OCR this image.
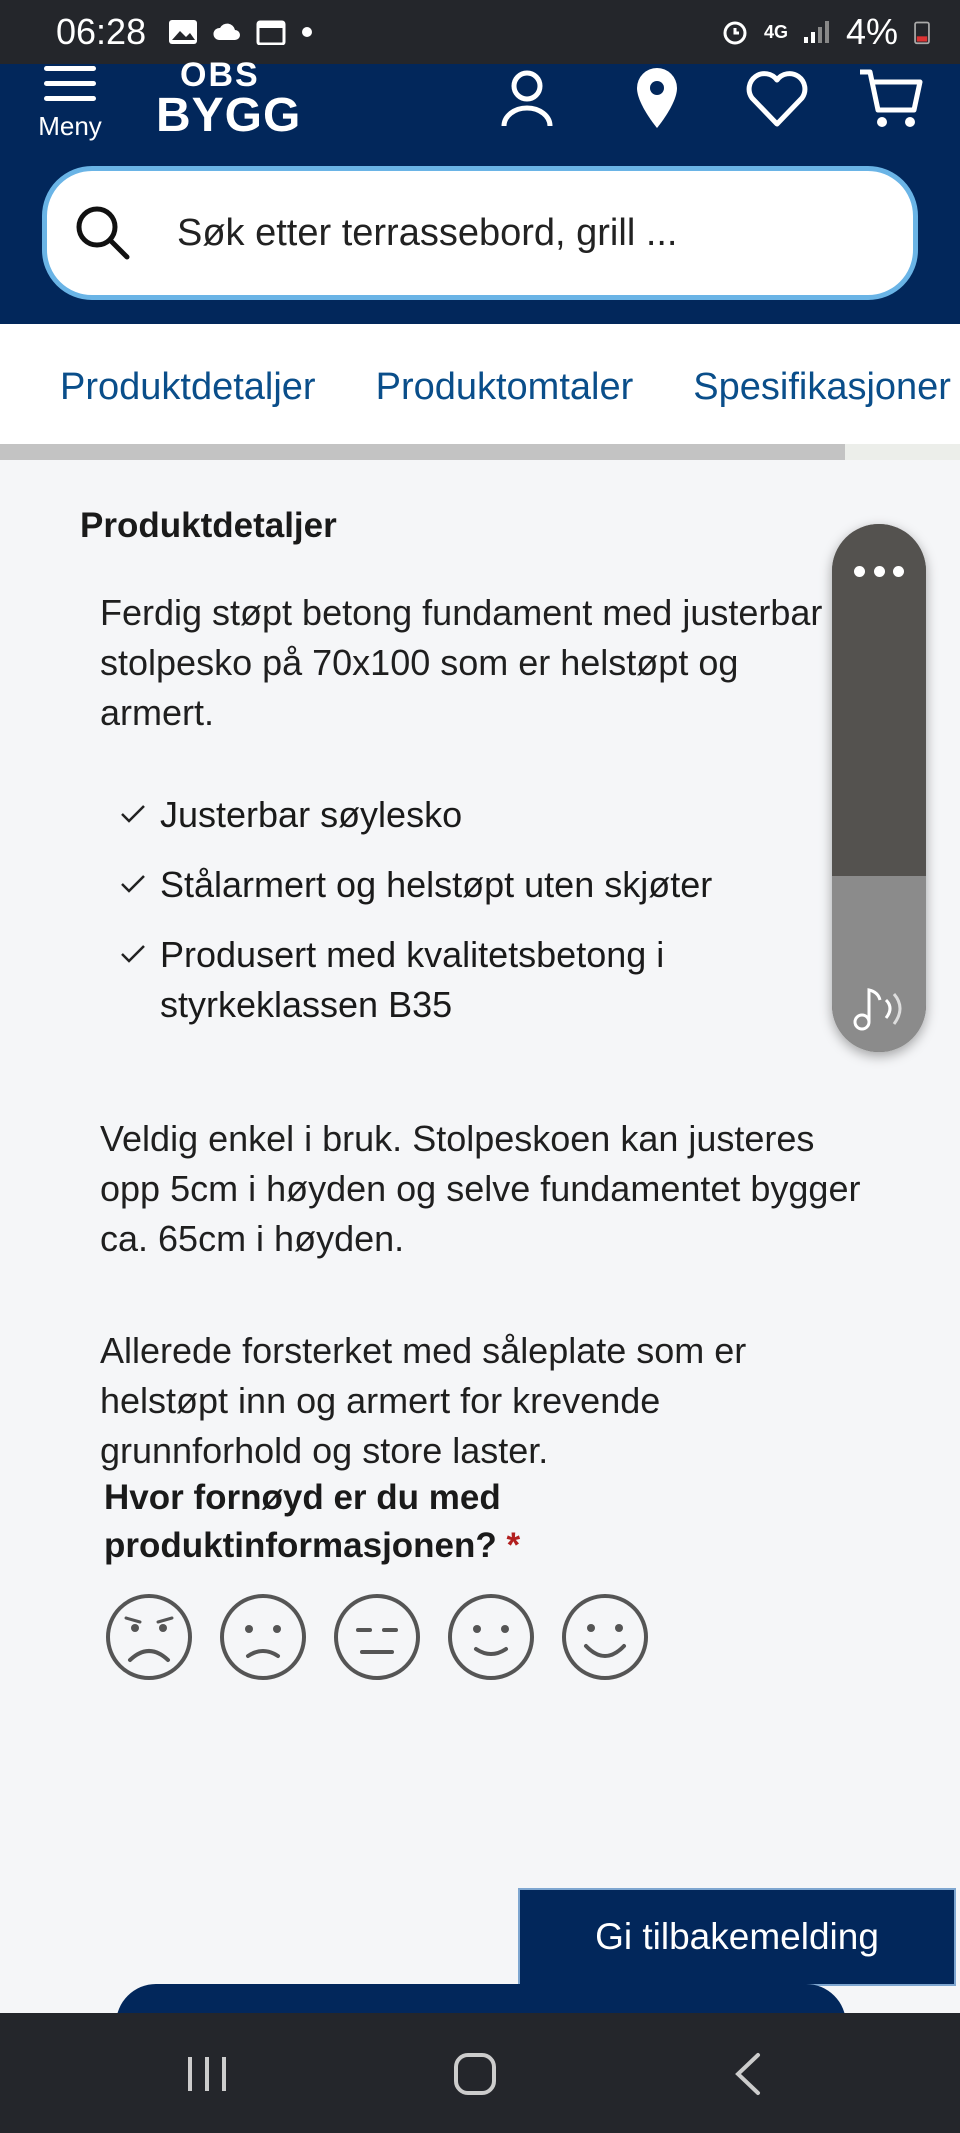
06:28	4G 4%
Meny
OBS
BYGG
Søk etter terrassebord, grill ...
Produktdetaljer Produktomtaler Spesifikasjoner
Produktdetaljer

Ferdig støpt betong fundament med justerbar stolpesko på 70x100 som er helstøpt og armert.

Justerbar søylesko
Stålarmert og helstøpt uten skjøter
Produsert med kvalitetsbetong i styrkeklassen B35

Veldig enkel i bruk. Stolpeskoen kan justeres opp 5cm i høyden og selve fundamentet bygger ca. 65cm i høyden.

Allerede forsterket med såleplate som er helstøpt inn og armert for krevende grunnforhold og store laster.

Hvor fornøyd er du med produktinformasjonen? *
Gi tilbakemelding
